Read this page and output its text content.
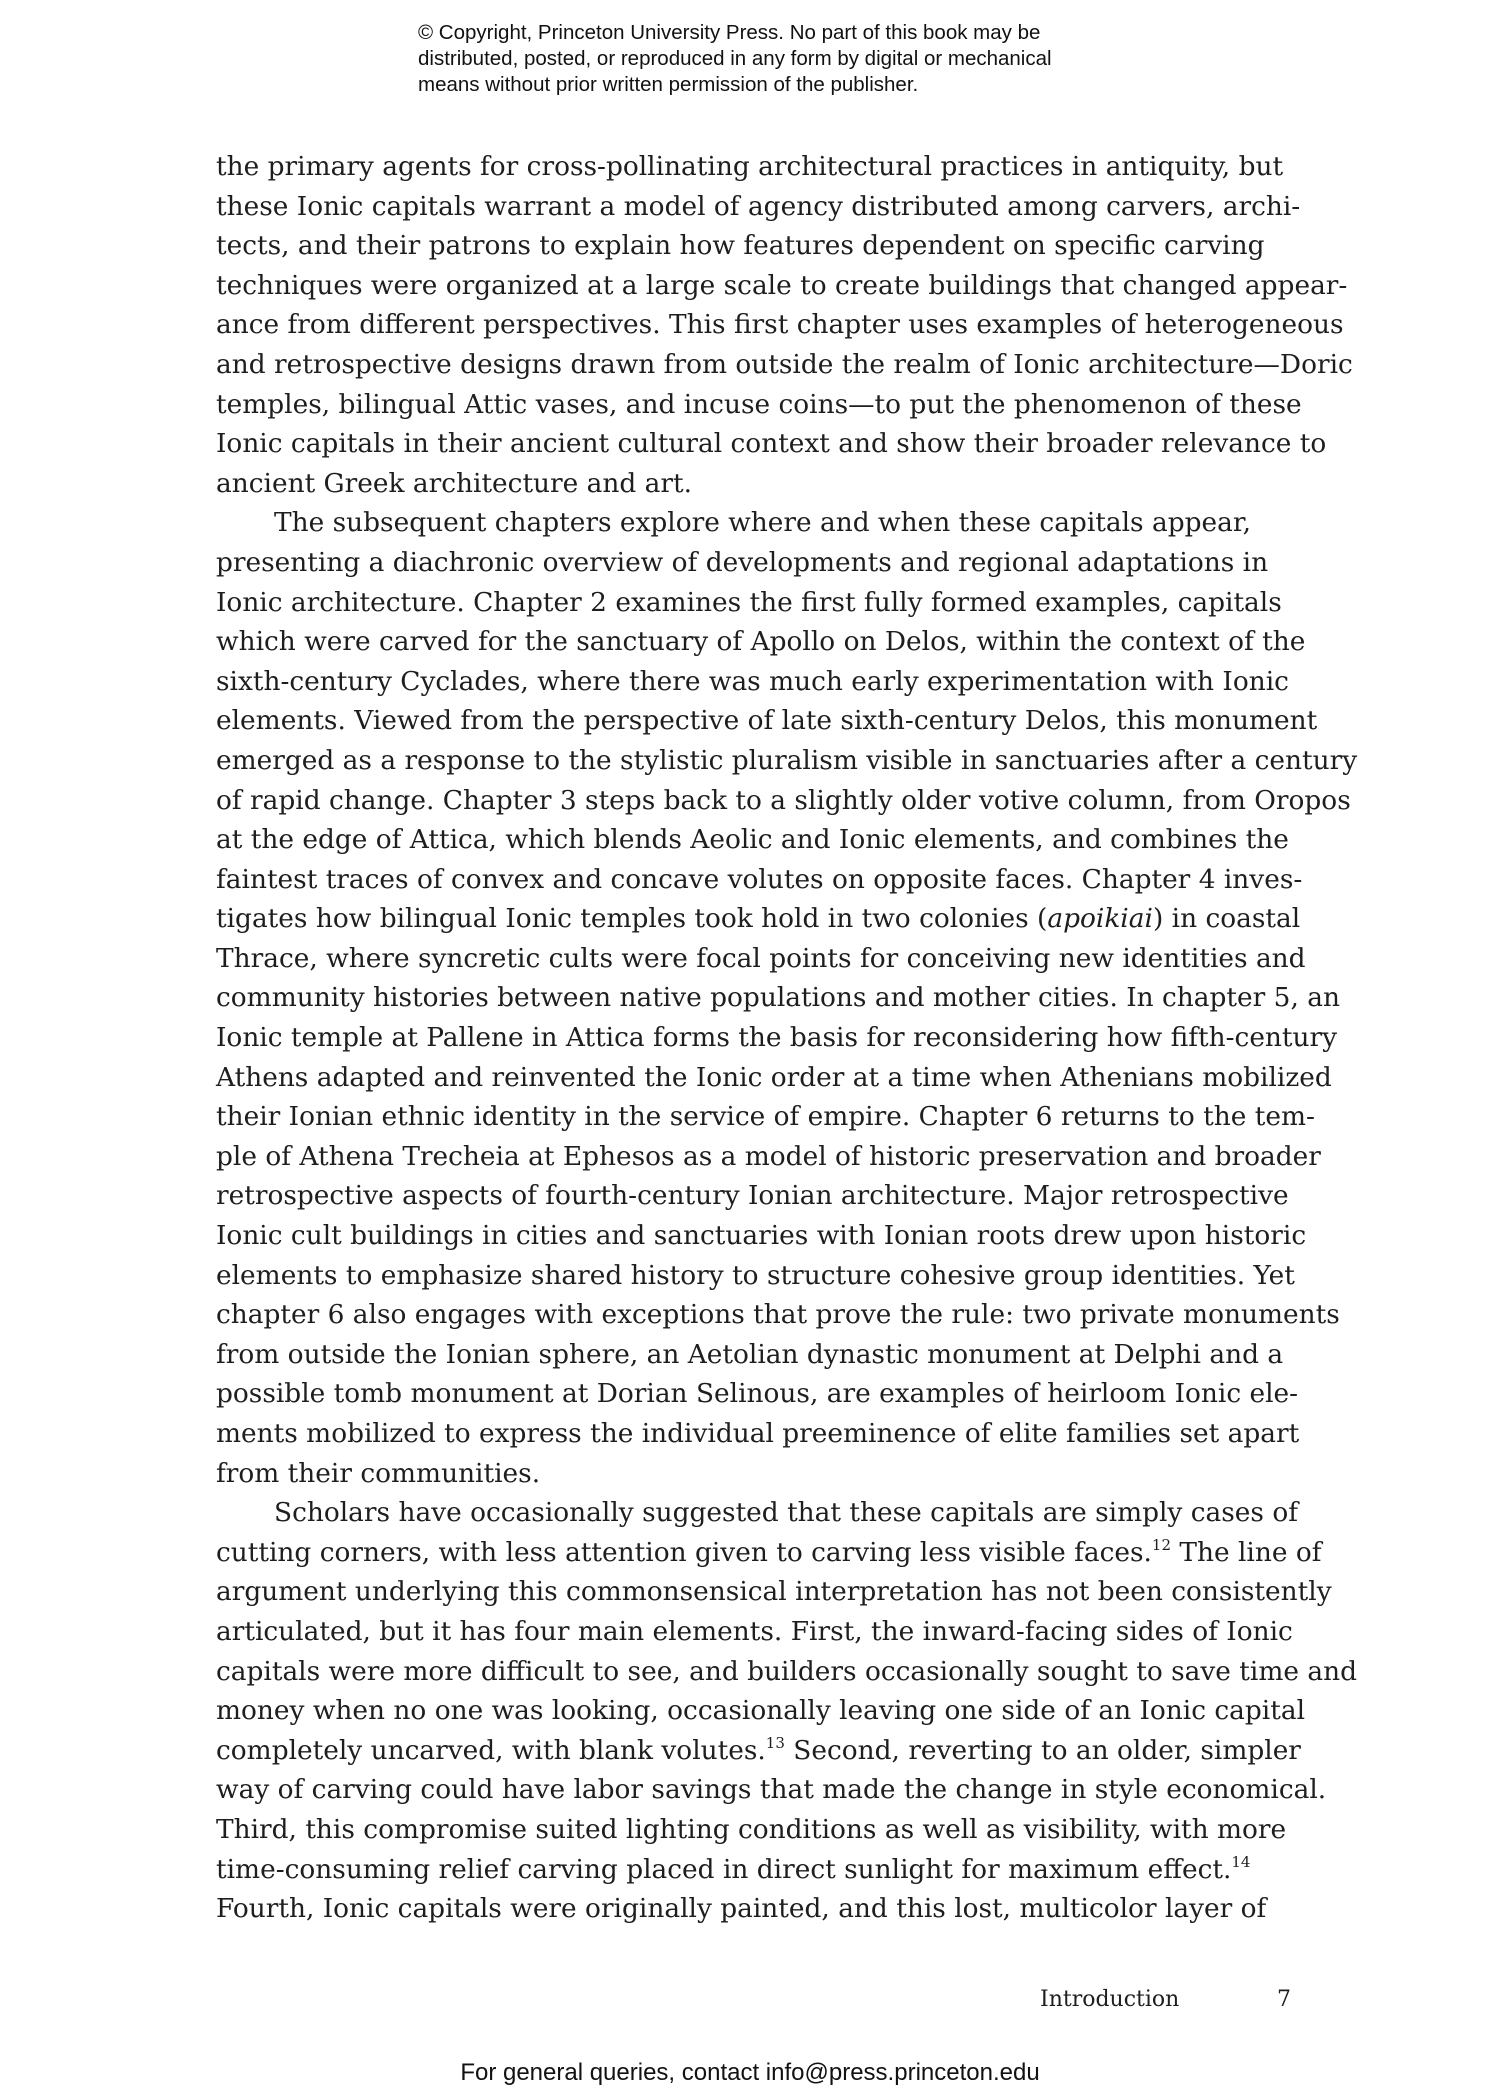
© Copyright, Princeton University Press. No part of this book may be
distributed, posted, or reproduced in any form by digital or mechanical
means without prior written permission of the publisher.
the primary agents for cross-pollinating architectural practices in antiquity, but
these Ionic capitals warrant a model of agency distributed among carvers, archi-
tects, and their patrons to explain how features dependent on specific carving
techniques were organized at a large scale to create buildings that changed appear-
ance from different perspectives. This first chapter uses examples of heterogeneous
and retrospective designs drawn from outside the realm of Ionic architecture—Doric
temples, bilingual Attic vases, and incuse coins—to put the phenomenon of these
Ionic capitals in their ancient cultural context and show their broader relevance to
ancient Greek architecture and art.
The subsequent chapters explore where and when these capitals appear,
presenting a diachronic overview of developments and regional adaptations in
Ionic architecture. Chapter 2 examines the first fully formed examples, capitals
which were carved for the sanctuary of Apollo on Delos, within the context of the
sixth-century Cyclades, where there was much early experimentation with Ionic
elements. Viewed from the perspective of late sixth-century Delos, this monument
emerged as a response to the stylistic pluralism visible in sanctuaries after a century
of rapid change. Chapter 3 steps back to a slightly older votive column, from Oropos
at the edge of Attica, which blends Aeolic and Ionic elements, and combines the
faintest traces of convex and concave volutes on opposite faces. Chapter 4 inves-
tigates how bilingual Ionic temples took hold in two colonies (apoikiai) in coastal
Thrace, where syncretic cults were focal points for conceiving new identities and
community histories between native populations and mother cities. In chapter 5, an
Ionic temple at Pallene in Attica forms the basis for reconsidering how fifth-century
Athens adapted and reinvented the Ionic order at a time when Athenians mobilized
their Ionian ethnic identity in the service of empire. Chapter 6 returns to the tem-
ple of Athena Trecheia at Ephesos as a model of historic preservation and broader
retrospective aspects of fourth-century Ionian architecture. Major retrospective
Ionic cult buildings in cities and sanctuaries with Ionian roots drew upon historic
elements to emphasize shared history to structure cohesive group identities. Yet
chapter 6 also engages with exceptions that prove the rule: two private monuments
from outside the Ionian sphere, an Aetolian dynastic monument at Delphi and a
possible tomb monument at Dorian Selinous, are examples of heirloom Ionic ele-
ments mobilized to express the individual preeminence of elite families set apart
from their communities.
Scholars have occasionally suggested that these capitals are simply cases of
cutting corners, with less attention given to carving less visible faces.$^{12}$ The line of
argument underlying this commonsensical interpretation has not been consistently
articulated, but it has four main elements. First, the inward-facing sides of Ionic
capitals were more difficult to see, and builders occasionally sought to save time and
money when no one was looking, occasionally leaving one side of an Ionic capital
completely uncarved, with blank volutes.$^{13}$ Second, reverting to an older, simpler
way of carving could have labor savings that made the change in style economical.
Third, this compromise suited lighting conditions as well as visibility, with more
time-consuming relief carving placed in direct sunlight for maximum effect.$^{14}$
Fourth, Ionic capitals were originally painted, and this lost, multicolor layer of
Introduction	7
For general queries, contact info@press.princeton.edu
